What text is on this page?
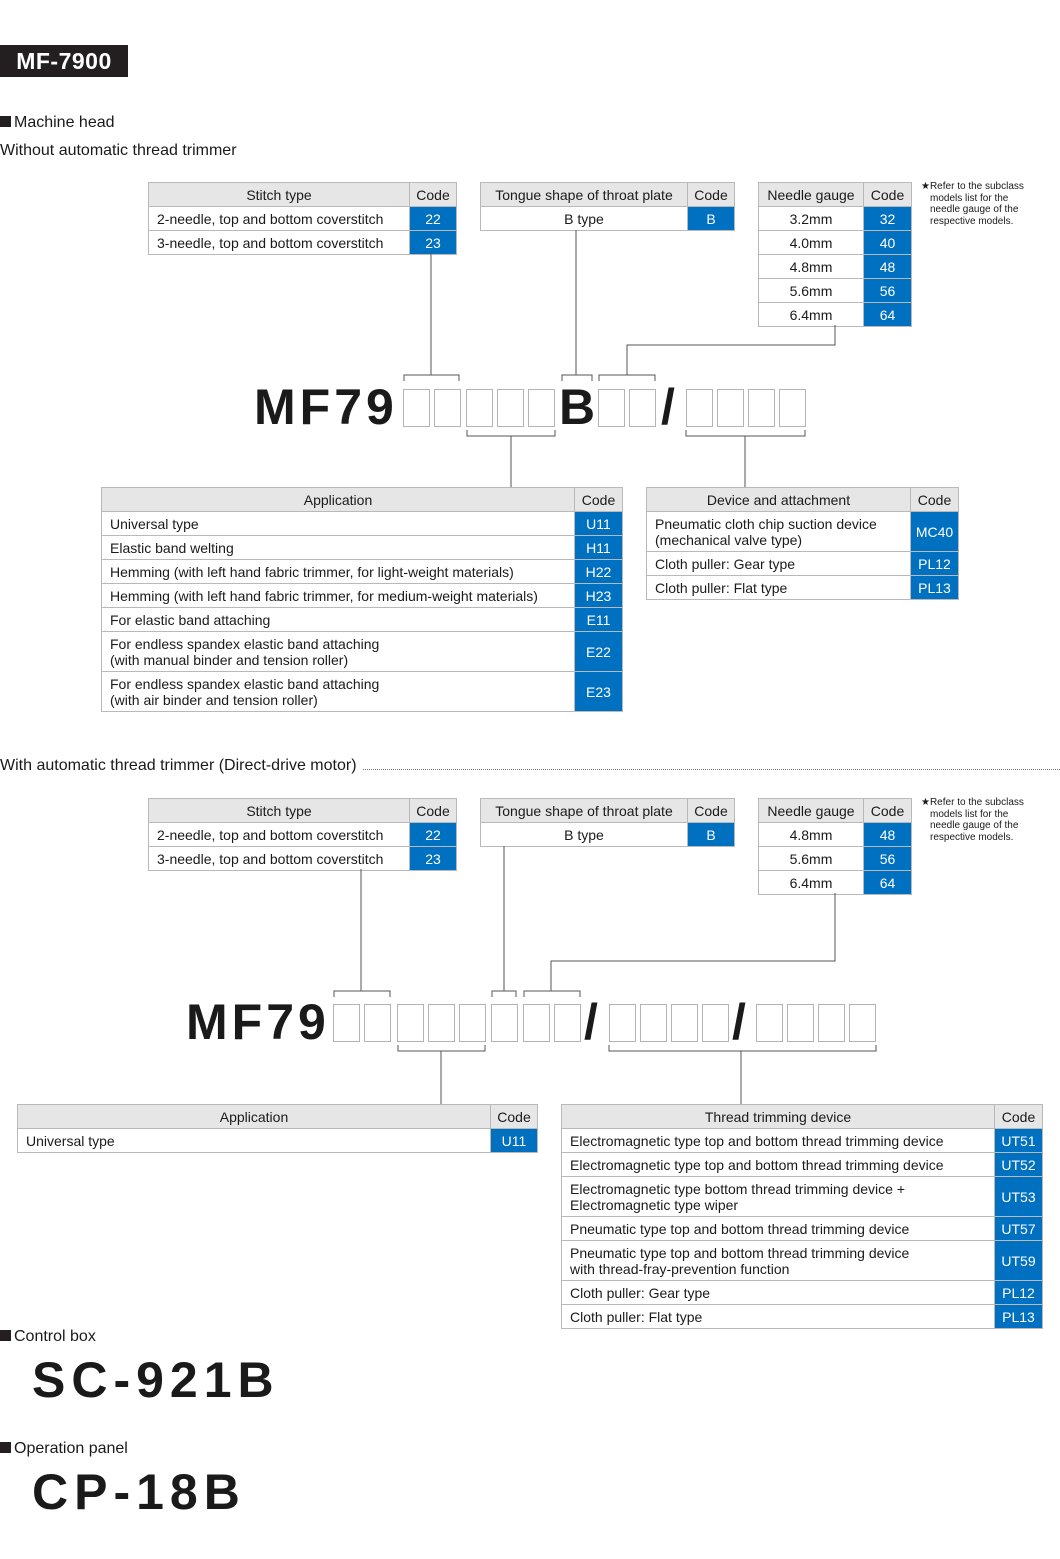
MF-7900
Machine head
Without automatic thread trimmer
Stitch type	Code
2-needle, top and bottom coverstitch	22
3-needle, top and bottom coverstitch	23
Tongue shape of throat plate	Code
B type	B
Needle gauge	Code
3.2mm	32
4.0mm	40
4.8mm	48
5.6mm	56
6.4mm	64
★Refer to the subclass
models list for the
needle gauge of the
respective models.
MF79	B /
Application	Code
Universal type	U11
Elastic band welting	H11
Hemming (with left hand fabric trimmer, for light-weight materials)	H22
Hemming (with left hand fabric trimmer, for medium-weight materials)	H23
For elastic band attaching	E11

For endless spandex elastic band attaching
(with manual binder and tension roller)	E22

For endless spandex elastic band attaching
(with air binder and tension roller)	E23
Device and attachment	Code

Pneumatic cloth chip suction device
(mechanical valve type)	MC40
Cloth puller: Gear type	PL12
Cloth puller: Flat type	PL13
With automatic thread trimmer (Direct-drive motor)
Stitch type	Code
2-needle, top and bottom coverstitch	22
3-needle, top and bottom coverstitch	23
Tongue shape of throat plate	Code
B type	B
Needle gauge	Code
4.8mm	48
5.6mm	56
6.4mm	64
★Refer to the subclass
models list for the
needle gauge of the
respective models.
MF79	/	/
Application	Code
Universal type	U11
Thread trimming device	Code
Electromagnetic type top and bottom thread trimming device	UT51
Electromagnetic type top and bottom thread trimming device	UT52

Electromagnetic type bottom thread trimming device +
Electromagnetic type wiper	UT53
Pneumatic type top and bottom thread trimming device	UT57

Pneumatic type top and bottom thread trimming device
with thread-fray-prevention function	UT59
Cloth puller: Gear type	PL12
Cloth puller: Flat type	PL13
Control box
SC-921B
Operation panel
CP-18B
